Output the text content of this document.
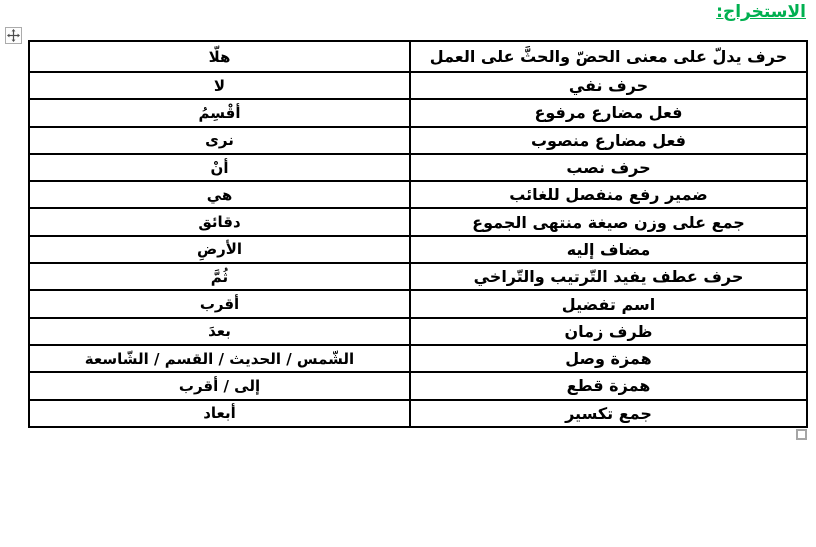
الاستخراج:
حرف يدلّ على معنى الحضّ والحثَّ على العمل	هلّا
حرف نفي	لا
فعل مضارع مرفوع	أقْسِمُ
فعل مضارع منصوب	نرى
حرف نصب	أنْ
ضمير رفع منفصل للغائب	هي
جمع على وزن صيغة منتهى الجموع	دقائق
مضاف إليه	الأرضِ
حرف عطف يفيد التّرتيب والتّراخي	ثُمَّ
اسم تفضيل	أقرب
ظرف زمان	بعدَ
همزة وصل	الشّمس / الحديث / القسم / الشّاسعة
همزة قطع	إلى / أقرب
جمع تكسير	أبعاد
